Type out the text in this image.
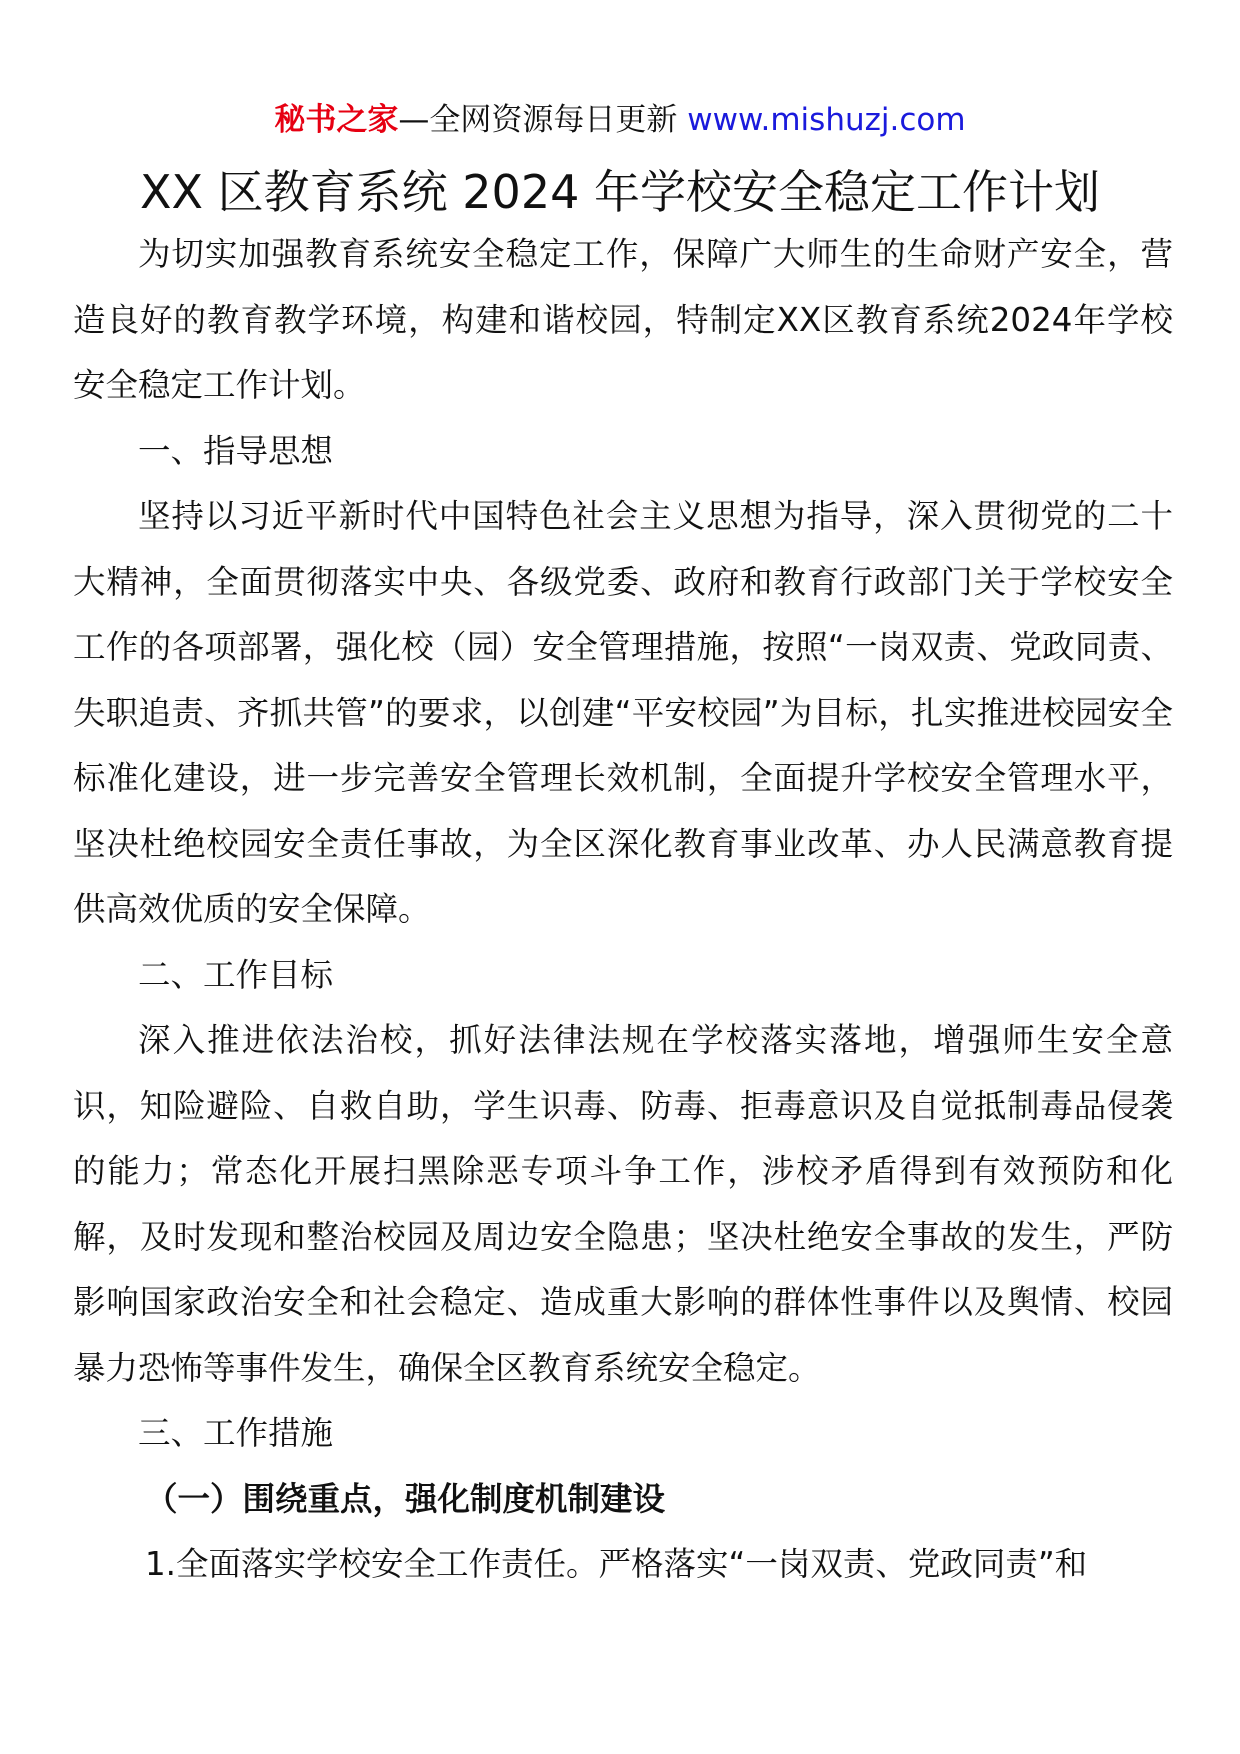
秘书之家—全网资源每日更新 www.mishuzj.com
XX 区教育系统 2024 年学校安全稳定工作计划

为切实加强教育系统安全稳定工作，保障广大师生的生命财产安全，营造良好的教育教学环境，构建和谐校园，特制定XX区教育系统2024年学校安全稳定工作计划。

一、指导思想

坚持以习近平新时代中国特色社会主义思想为指导，深入贯彻党的二十大精神，全面贯彻落实中央、各级党委、政府和教育行政部门关于学校安全工作的各项部署，强化校（园）安全管理措施，按照“一岗双责、党政同责、失职追责、齐抓共管”的要求，以创建“平安校园”为目标，扎实推进校园安全标准化建设，进一步完善安全管理长效机制，全面提升学校安全管理水平，坚决杜绝校园安全责任事故，为全区深化教育事业改革、办人民满意教育提供高效优质的安全保障。

二、工作目标

深入推进依法治校，抓好法律法规在学校落实落地，增强师生安全意识，知险避险、自救自助，学生识毒、防毒、拒毒意识及自觉抵制毒品侵袭的能力；常态化开展扫黑除恶专项斗争工作，涉校矛盾得到有效预防和化解，及时发现和整治校园及周边安全隐患；坚决杜绝安全事故的发生，严防影响国家政治安全和社会稳定、造成重大影响的群体性事件以及舆情、校园暴力恐怖等事件发生，确保全区教育系统安全稳定。

三、工作措施

（一）围绕重点，强化制度机制建设

1.全面落实学校安全工作责任。严格落实“一岗双责、党政同责”和
